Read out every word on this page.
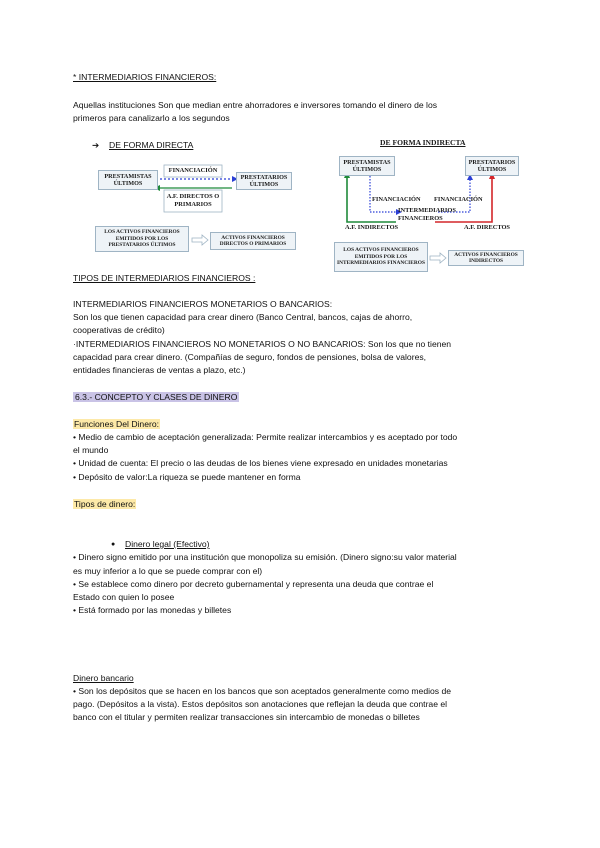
* INTERMEDIARIOS FINANCIEROS:
Aquellas instituciones Son que median entre ahorradores e inversores tomando el dinero de los
primeros para canalizarlo a los segundos
➔ DE FORMA DIRECTA
PRESTAMISTAS ÚLTIMOS
FINANCIACIÓN
PRESTATARIOS ÚLTIMOS
A.F. DIRECTOS O PRIMARIOS
LOS ACTIVOS FINANCIEROS EMITIDOS POR LOS PRESTATARIOS ÚLTIMOS
ACTIVOS FINANCIEROS DIRECTOS O PRIMARIOS
DE FORMA INDIRECTA
PRESTAMISTAS ÚLTIMOS
PRESTATARIOS ÚLTIMOS
FINANCIACIÓN FINANCIACIÓN
INTERMEDIARIOS FINANCIEROS
A.F. INDIRECTOS	A.F. DIRECTOS
LOS ACTIVOS FINANCIEROS EMITIDOS POR LOS INTERMEDIARIOS FINANCIEROS
ACTIVOS FINANCIEROS INDIRECTOS
TIPOS DE INTERMEDIARIOS FINANCIEROS :
INTERMEDIARIOS FINANCIEROS MONETARIOS O BANCARIOS:
Son los que tienen capacidad para crear dinero (Banco Central, bancos, cajas de ahorro,
cooperativas de crédito)
·INTERMEDIARIOS FINANCIEROS NO MONETARIOS O NO BANCARIOS: Son los que no tienen
capacidad para crear dinero. (Compañías de seguro, fondos de pensiones, bolsa de valores,
entidades financieras de ventas a plazo, etc.)
6.3.- CONCEPTO Y CLASES DE DINERO
Funciones Del Dinero:
• Medio de cambio de aceptación generalizada: Permite realizar intercambios y es aceptado por todo
el mundo
• Unidad de cuenta: El precio o las deudas de los bienes viene expresado en unidades monetarias
• Depósito de valor:La riqueza se puede mantener en forma
Tipos de dinero:
● Dinero legal (Efectivo)
• Dinero signo emitido por una institución que monopoliza su emisión. (Dinero signo:su valor material
es muy inferior a lo que se puede comprar con el)
• Se establece como dinero por decreto gubernamental y representa una deuda que contrae el
Estado con quien lo posee
• Está formado por las monedas y billetes
Dinero bancario
• Son los depósitos que se hacen en los bancos que son aceptados generalmente como medios de
pago. (Depósitos a la vista). Estos depósitos son anotaciones que reflejan la deuda que contrae el
banco con el titular y permiten realizar transacciones sin intercambio de monedas o billetes
